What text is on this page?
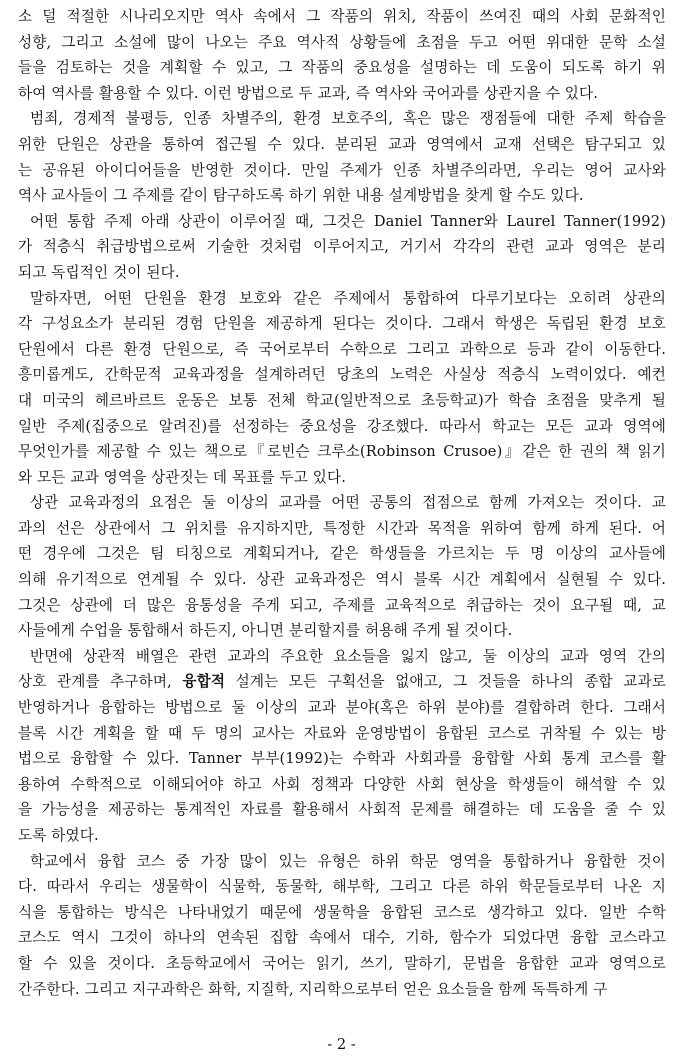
소 덜 적절한 시나리오지만 역사 속에서 그 작품의 위치, 작품이 쓰여진 때의 사회 문화적인
성향, 그리고 소설에 많이 나오는 주요 역사적 상황들에 초점을 두고 어떤 위대한 문학 소설
들을 검토하는 것을 계획할 수 있고, 그 작품의 중요성을 설명하는 데 도움이 되도록 하기 위
하여 역사를 활용할 수 있다. 이런 방법으로 두 교과, 즉 역사와 국어과를 상관지을 수 있다.
범죄, 경제적 불평등, 인종 차별주의, 환경 보호주의, 혹은 많은 쟁점들에 대한 주제 학습을
위한 단원은 상관을 통하여 접근될 수 있다. 분리된 교과 영역에서 교재 선택은 탐구되고 있
는 공유된 아이디어들을 반영한 것이다. 만일 주제가 인종 차별주의라면, 우리는 영어 교사와
역사 교사들이 그 주제를 같이 탐구하도록 하기 위한 내용 설계방법을 찾게 할 수도 있다.
어떤 통합 주제 아래 상관이 이루어질 때, 그것은 Daniel Tanner와 Laurel Tanner(1992)
가 적층식 취급방법으로써 기술한 것처럼 이루어지고, 거기서 각각의 관련 교과 영역은 분리
되고 독립적인 것이 된다.
말하자면, 어떤 단원을 환경 보호와 같은 주제에서 통합하여 다루기보다는 오히려 상관의
각 구성요소가 분리된 경험 단원을 제공하게 된다는 것이다. 그래서 학생은 독립된 환경 보호
단원에서 다른 환경 단원으로, 즉 국어로부터 수학으로 그리고 과학으로 등과 같이 이동한다.
흥미롭게도, 간학문적 교육과정을 설계하려던 당초의 노력은 사실상 적층식 노력이었다. 예컨
대 미국의 헤르바르트 운동은 보통 전체 학교(일반적으로 초등학교)가 학습 초점을 맞추게 될
일반 주제(집중으로 알려진)를 선정하는 중요성을 강조했다. 따라서 학교는 모든 교과 영역에
무엇인가를 제공할 수 있는 책으로『로빈슨 크루소(Robinson Crusoe)』같은 한 권의 책 읽기
와 모든 교과 영역을 상관짓는 데 목표를 두고 있다.
상관 교육과정의 요점은 둘 이상의 교과를 어떤 공통의 접점으로 함께 가져오는 것이다. 교
과의 선은 상관에서 그 위치를 유지하지만, 특정한 시간과 목적을 위하여 함께 하게 된다. 어
떤 경우에 그것은 팀 티칭으로 계획되거나, 같은 학생들을 가르치는 두 명 이상의 교사들에
의해 유기적으로 연계될 수 있다. 상관 교육과정은 역시 블록 시간 계획에서 실현될 수 있다.
그것은 상관에 더 많은 융통성을 주게 되고, 주제를 교육적으로 취급하는 것이 요구될 때, 교
사들에게 수업을 통합해서 하든지, 아니면 분리할지를 허용해 주게 될 것이다.
반면에 상관적 배열은 관련 교과의 주요한 요소들을 잃지 않고, 둘 이상의 교과 영역 간의
상호 관계를 추구하며, 융합적 설계는 모든 구획선을 없애고, 그 것들을 하나의 종합 교과로
반영하거나 융합하는 방법으로 둘 이상의 교과 분야(혹은 하위 분야)를 결합하려 한다. 그래서
블록 시간 계획을 할 때 두 명의 교사는 자료와 운영방법이 융합된 코스로 귀착될 수 있는 방
법으로 융합할 수 있다. Tanner 부부(1992)는 수학과 사회과를 융합할 사회 통계 코스를 활
용하여 수학적으로 이해되어야 하고 사회 정책과 다양한 사회 현상을 학생들이 해석할 수 있
을 가능성을 제공하는 통계적인 자료를 활용해서 사회적 문제를 해결하는 데 도움을 줄 수 있
도록 하였다.
학교에서 융합 코스 중 가장 많이 있는 유형은 하위 학문 영역을 통합하거나 융합한 것이
다. 따라서 우리는 생물학이 식물학, 동물학, 해부학, 그리고 다른 하위 학문들로부터 나온 지
식을 통합하는 방식은 나타내었기 때문에 생물학을 융합된 코스로 생각하고 있다. 일반 수학
코스도 역시 그것이 하나의 연속된 집합 속에서 대수, 기하, 함수가 되었다면 융합 코스라고
할 수 있을 것이다. 초등학교에서 국어는 읽기, 쓰기, 말하기, 문법을 융합한 교과 영역으로
간주한다. 그리고 지구과학은 화학, 지질학, 지리학으로부터 얻은 요소들을 함께 독특하게 구
- 2 -
